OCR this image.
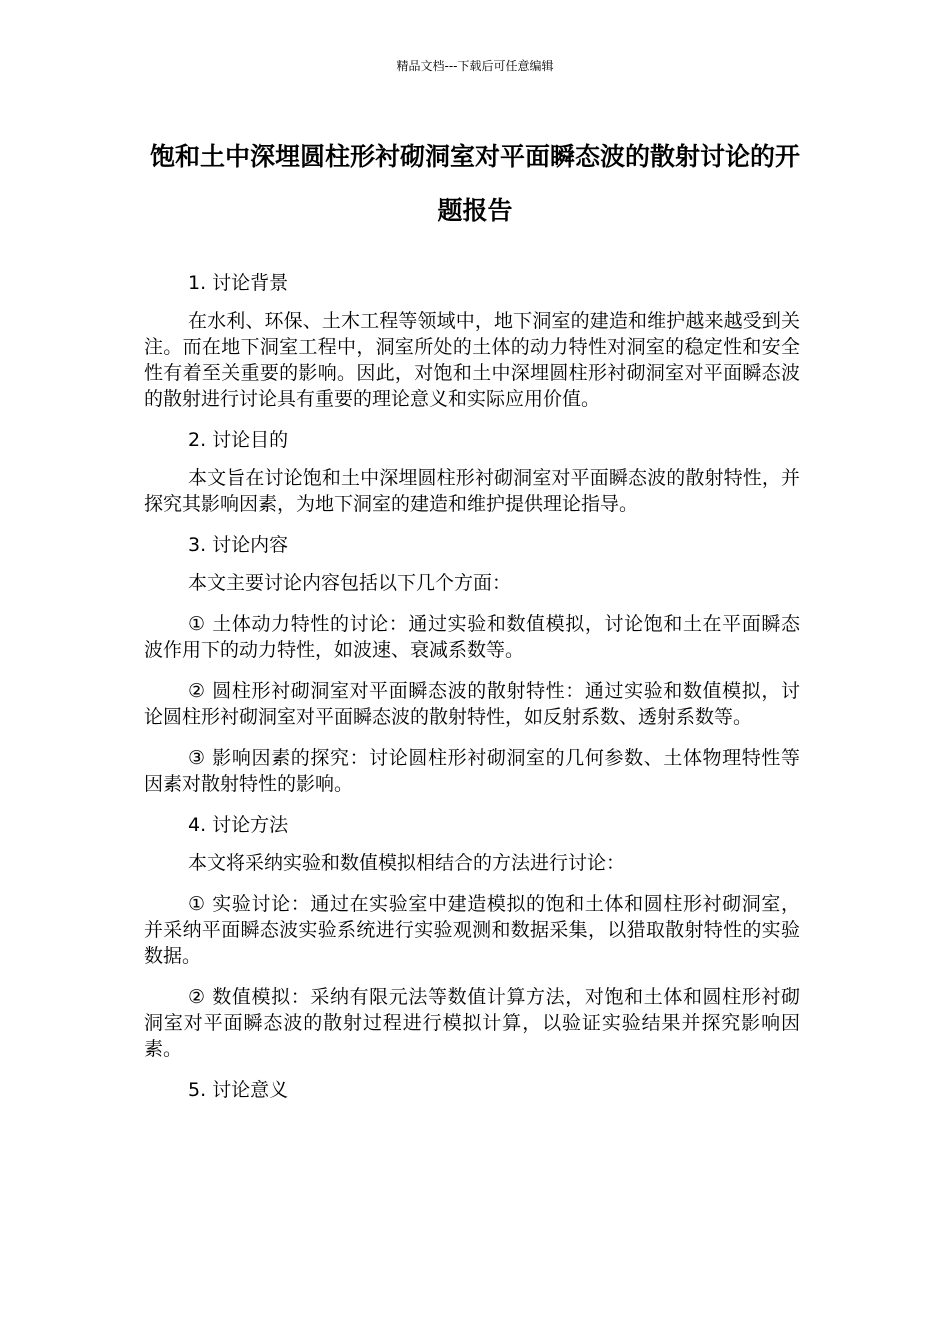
精品文档---下载后可任意编辑
饱和土中深埋圆柱形衬砌洞室对平面瞬态波的散射讨论的开题报告

1. 讨论背景

在水利、环保、土木工程等领域中，地下洞室的建造和维护越来越受到关注。而在地下洞室工程中，洞室所处的土体的动力特性对洞室的稳定性和安全性有着至关重要的影响。因此，对饱和土中深埋圆柱形衬砌洞室对平面瞬态波的散射进行讨论具有重要的理论意义和实际应用价值。

2. 讨论目的

本文旨在讨论饱和土中深埋圆柱形衬砌洞室对平面瞬态波的散射特性，并探究其影响因素，为地下洞室的建造和维护提供理论指导。

3. 讨论内容

本文主要讨论内容包括以下几个方面：

① 土体动力特性的讨论：通过实验和数值模拟，讨论饱和土在平面瞬态波作用下的动力特性，如波速、衰减系数等。

② 圆柱形衬砌洞室对平面瞬态波的散射特性：通过实验和数值模拟，讨论圆柱形衬砌洞室对平面瞬态波的散射特性，如反射系数、透射系数等。

③ 影响因素的探究：讨论圆柱形衬砌洞室的几何参数、土体物理特性等因素对散射特性的影响。

4. 讨论方法

本文将采纳实验和数值模拟相结合的方法进行讨论：

① 实验讨论：通过在实验室中建造模拟的饱和土体和圆柱形衬砌洞室，并采纳平面瞬态波实验系统进行实验观测和数据采集，以猎取散射特性的实验数据。

② 数值模拟：采纳有限元法等数值计算方法，对饱和土体和圆柱形衬砌洞室对平面瞬态波的散射过程进行模拟计算，以验证实验结果并探究影响因素。

5. 讨论意义
